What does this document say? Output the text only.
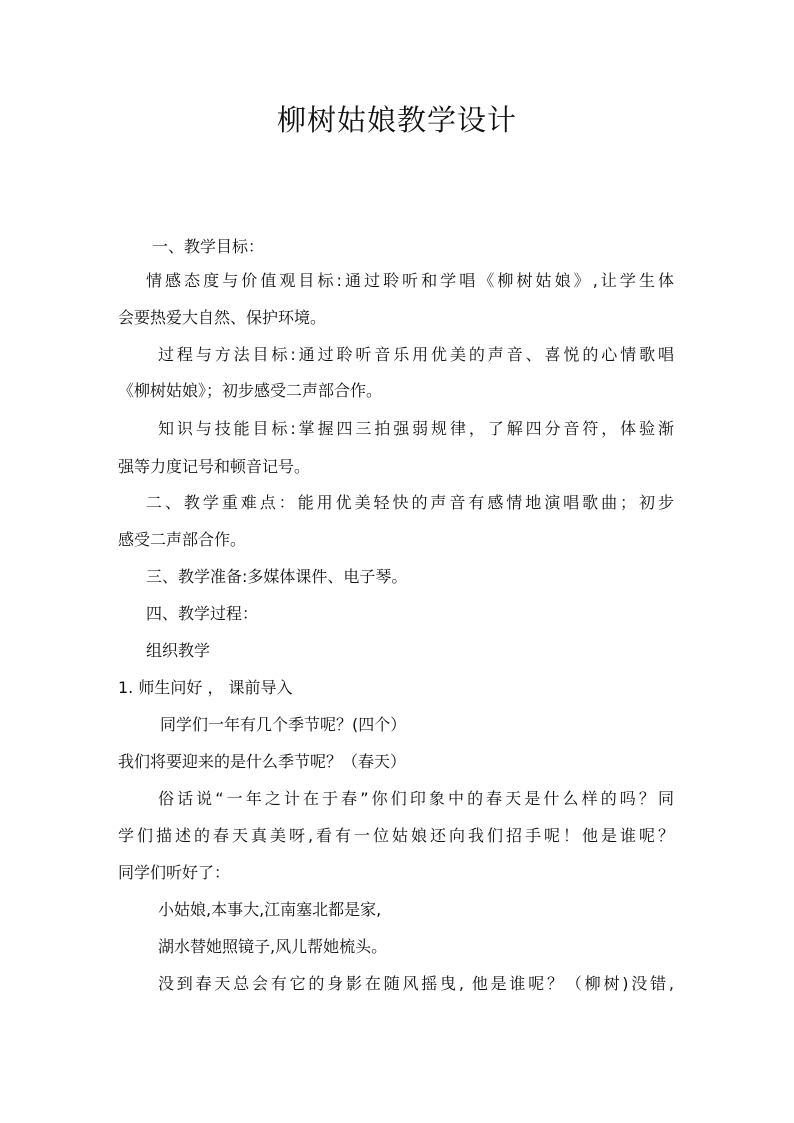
柳树姑娘教学设计
一、教学目标：
情感态度与价值观目标:通过聆听和学唱《柳树姑娘》,让学生体
会要热爱大自然、保护环境。
过程与方法目标:通过聆听音乐用优美的声音、喜悦的心情歌唱
《柳树姑娘》；初步感受二声部合作。
知识与技能目标:掌握四三拍强弱规律，了解四分音符，体验渐
强等力度记号和顿音记号。
二、教学重难点：能用优美轻快的声音有感情地演唱歌曲；初步
感受二声部合作。
三、教学准备:多媒体课件、电子琴。
四、教学过程：
组织教学
1. 师生问好 ， 课前导入
同学们一年有几个季节呢？(四个）
我们将要迎来的是什么季节呢？（春天）
俗话说“一年之计在于春”你们印象中的春天是什么样的吗？同
学们描述的春天真美呀,看有一位姑娘还向我们招手呢！他是谁呢？
同学们听好了：
小姑娘,本事大,江南塞北都是家,
湖水替她照镜子,风儿帮她梳头。
没到春天总会有它的身影在随风摇曳, 他是谁呢？（柳树)没错,
